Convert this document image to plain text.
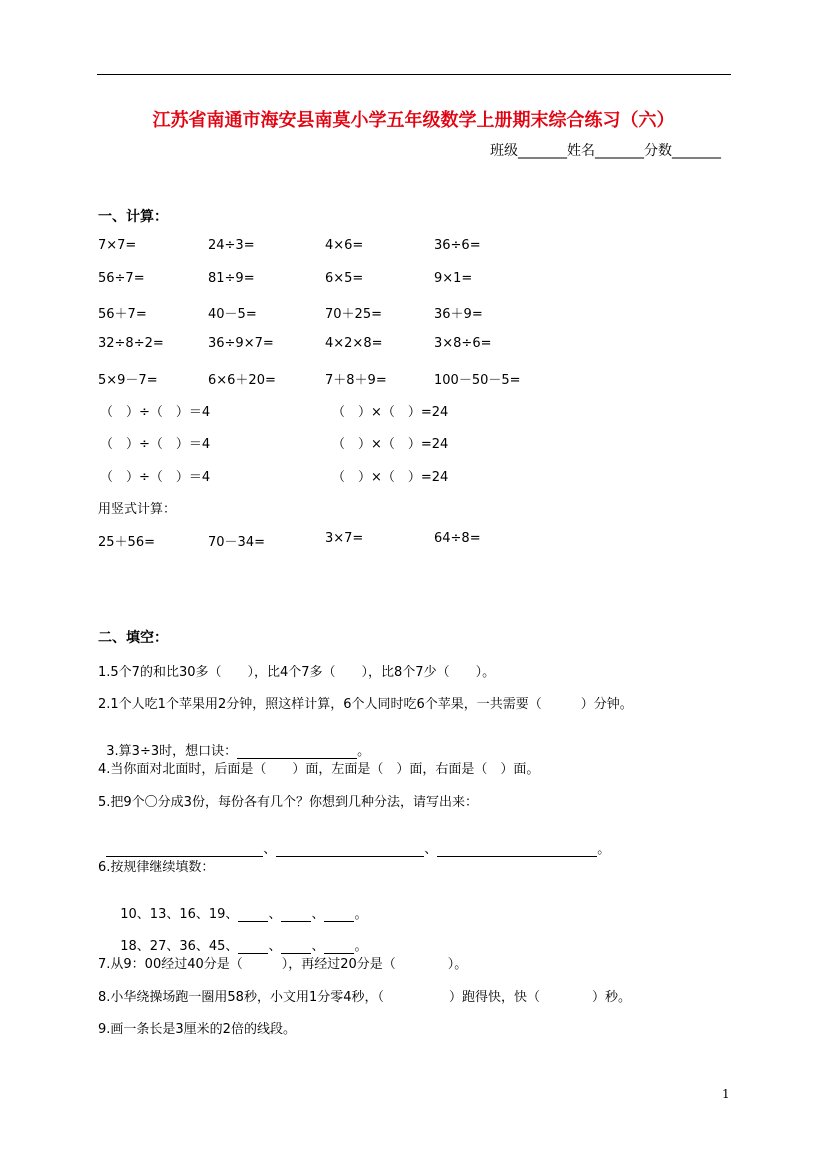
江苏省南通市海安县南莫小学五年级数学上册期末综合练习（六）
班级_______姓名_______分数_______
一、计算：
7×7=	24÷3=	4×6=	36÷6=
56÷7=	81÷9=	6×5=	9×1=
56＋7=	40－5=	70＋25=	36＋9=
32÷8÷2=	36÷9×7=	4×2×8=	3×8÷6=
5×9－7=	6×6＋20=	7＋8＋9=	100－50－5=
（　）÷（　）＝4	（　）×（　）=24
（　）÷（　）＝4	（　）×（　）=24
（　）÷（　）＝4	（　）×（　）=24
用竖式计算：
25＋56=	70－34=	3×7=	64÷8=
二、填空：
1.5个7的和比30多（　　），比4个7多（　　），比8个7少（　　）。
2.1个人吃1个苹果用2分钟，照这样计算，6个人同时吃6个苹果，一共需要（　　　）分钟。

3.算3÷3时，想口诀：	。

4.当你面对北面时，后面是（　　）面，左面是（　）面，右面是（　）面。
5.把9个〇分成3份，每份各有几个？你想到几种分法，请写出来：

、	、	。

6.按规律继续填数：

10、13、16、19、 、 、 。

18、27、36、45、 、 、 。

7.从9：00经过40分是（　　　），再经过20分是（　　　　）。
8.小华绕操场跑一圈用58秒，小文用1分零4秒，（　　　　　）跑得快，快（　　　　）秒。
9.画一条长是3厘米的2倍的线段。
1
